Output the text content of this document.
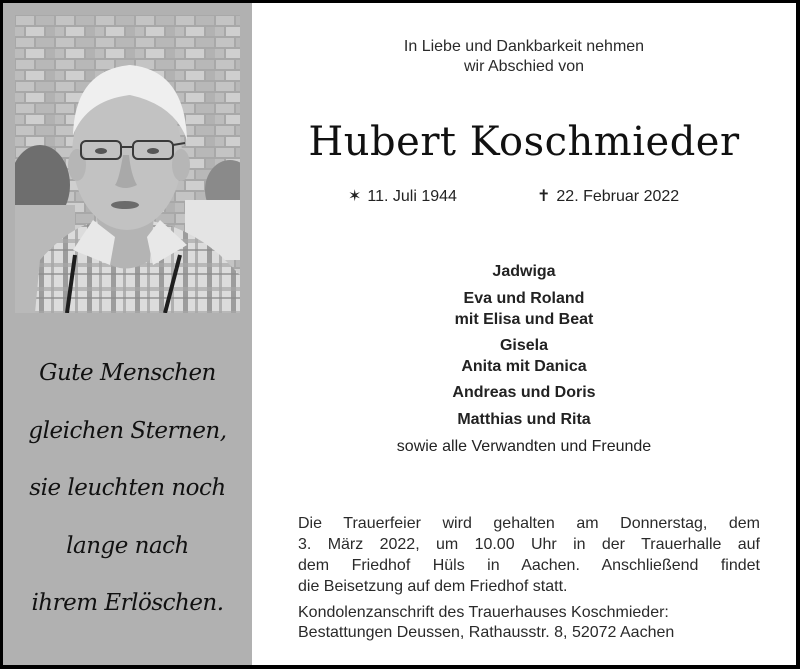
Gute Menschen
gleichen Sternen,
sie leuchten noch
lange nach
ihrem Erlöschen.
In Liebe und Dankbarkeit nehmen
wir Abschied von
Hubert Koschmieder
✶ 11. Juli 1944	✝ 22. Februar 2022
Jadwiga
Eva und Roland
mit Elisa und Beat
Gisela
Anita mit Danica
Andreas und Doris
Matthias und Rita
sowie alle Verwandten und Freunde
Die Trauerfeier wird gehalten am Donnerstag, dem
3. März 2022, um 10.00 Uhr in der Trauerhalle auf
dem Friedhof Hüls in Aachen. Anschließend findet
die Beisetzung auf dem Friedhof statt.
Kondolenzanschrift des Trauerhauses Koschmieder:
Bestattungen Deussen, Rathausstr. 8, 52072 Aachen
